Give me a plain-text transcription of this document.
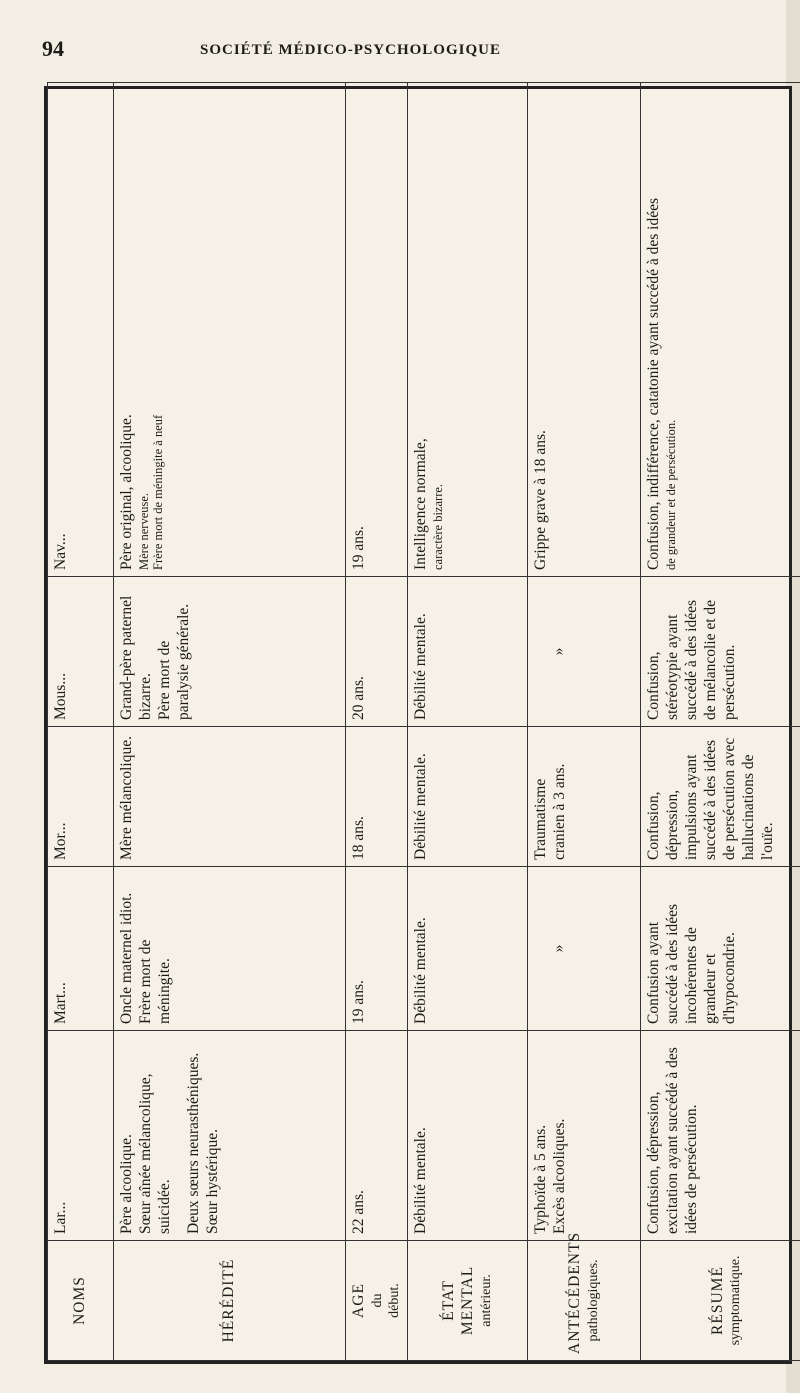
94	SOCIÉTÉ MÉDICO-PSYCHOLOGIQUE
NOMS	Lar...	Mart...	Mor...	Mous...	Nav...

HÉRÉDITÉ	Père alcoolique. Sœur aînée mélancolique, suicidée. Deux sœurs neurasthéniques. Sœur hystérique.	Oncle maternel idiot. Frère mort de méningite.	Mère mélancolique.	Grand-père paternel bizarre. Père mort de paralysie générale.	Père original, alcoolique. Mère nerveuse. Frère mort de méningite à neuf

AGE du début.	22 ans.	19 ans.	18 ans.	20 ans.	19 ans.

ÉTAT MENTAL antérieur.	Débilité mentale.	Débilité mentale.	Débilité mentale.	Débilité mentale.	Intelligence normale, caractère bizarre.

ANTÉCÉDENTS pathologiques.	Typhoïde à 5 ans. Excès alcooliques.	»	Traumatisme cranien à 3 ans.	»	Grippe grave à 18 ans.

RÉSUMÉ symptomatique.	Confusion, dépression, excitation ayant succédé à des idées de persécution.	Confusion ayant succédé à des idées incohérentes de grandeur et d'hypocondrie.	Confusion, dépression, impulsions ayant succédé à des idées de persécution avec hallucinations de l'ouïe.	Confusion, stéréotypie ayant succédé à des idées de mélancolie et de persécution.	Confusion, indifférence, catatonie ayant succédé à des idées de grandeur et de persécution.
